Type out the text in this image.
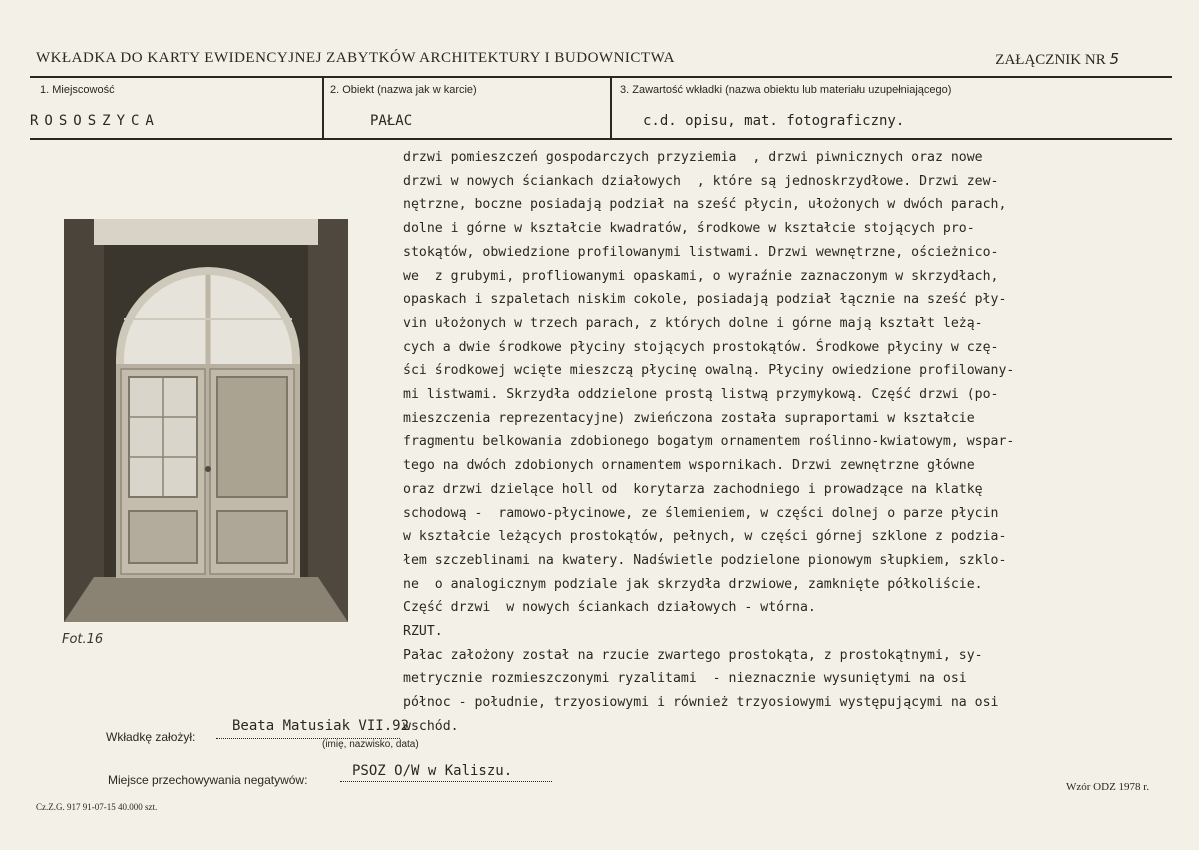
WKŁADKA DO KARTY EWIDENCYJNEJ ZABYTKÓW ARCHITEKTURY I BUDOWNICTWA	ZAŁĄCZNIK NR 5
1. Miejscowość
ROSOSZYCA
2. Obiekt (nazwa jak w karcie)
PAŁAC
3. Zawartość wkładki (nazwa obiektu lub materiału uzupełniającego)
c.d. opisu, mat. fotograficzny.
drzwi pomieszczeń gospodarczych przyziemia  , drzwi piwnicznych oraz nowe
drzwi w nowych ściankach działowych  , które są jednoskrzydłowe. Drzwi zew-
nętrzne, boczne posiadają podział na sześć płycin, ułożonych w dwóch parach,
dolne i górne w kształcie kwadratów, środkowe w kształcie stojących pro-
stokątów, obwiedzione profilowanymi listwami. Drzwi wewnętrzne, ościeżnico-
we  z grubymi, profliowanymi opaskami, o wyraźnie zaznaczonym w skrzydłach,
opaskach i szpaletach niskim cokole, posiadają podział łącznie na sześć pły-
vin ułożonych w trzech parach, z których dolne i górne mają kształt leżą-
cych a dwie środkowe płyciny stojących prostokątów. Środkowe płyciny w czę-
ści środkowej wcięte mieszczą płycinę owalną. Płyciny owiedzione profilowany-
mi listwami. Skrzydła oddzielone prostą listwą przymykową. Część drzwi (po-
mieszczenia reprezentacyjne) zwieńczona została supraportami w kształcie
fragmentu belkowania zdobionego bogatym ornamentem roślinno-kwiatowym, wspar-
tego na dwóch zdobionych ornamentem wspornikach. Drzwi zewnętrzne główne
oraz drzwi dzielące holl od  korytarza zachodniego i prowadzące na klatkę
schodową -  ramowo-płycinowe, ze ślemieniem, w części dolnej o parze płycin
w kształcie leżących prostokątów, pełnych, w części górnej szklone z podzia-
łem szczeblinami na kwatery. Nadświetle podzielone pionowym słupkiem, szklo-
ne  o analogicznym podziale jak skrzydła drzwiowe, zamknięte półkoliście.
Część drzwi  w nowych ściankach działowych - wtórna.
RZUT.
Pałac założony został na rzucie zwartego prostokąta, z prostokątnymi, sy-
metrycznie rozmieszczonymi ryzalitami  - nieznacznie wysuniętymi na osi
północ - południe, trzyosiowymi i również trzyosiowymi występującymi na osi
wschód.
Fot.16
Wkładkę założył:
Beata Matusiak VII.92
(imię, nazwisko, data)
Miejsce przechowywania negatywów:
PSOZ O/W w Kaliszu.
Wzór ODZ 1978 r.
Cz.Z.G. 917 91-07-15 40.000 szt.
